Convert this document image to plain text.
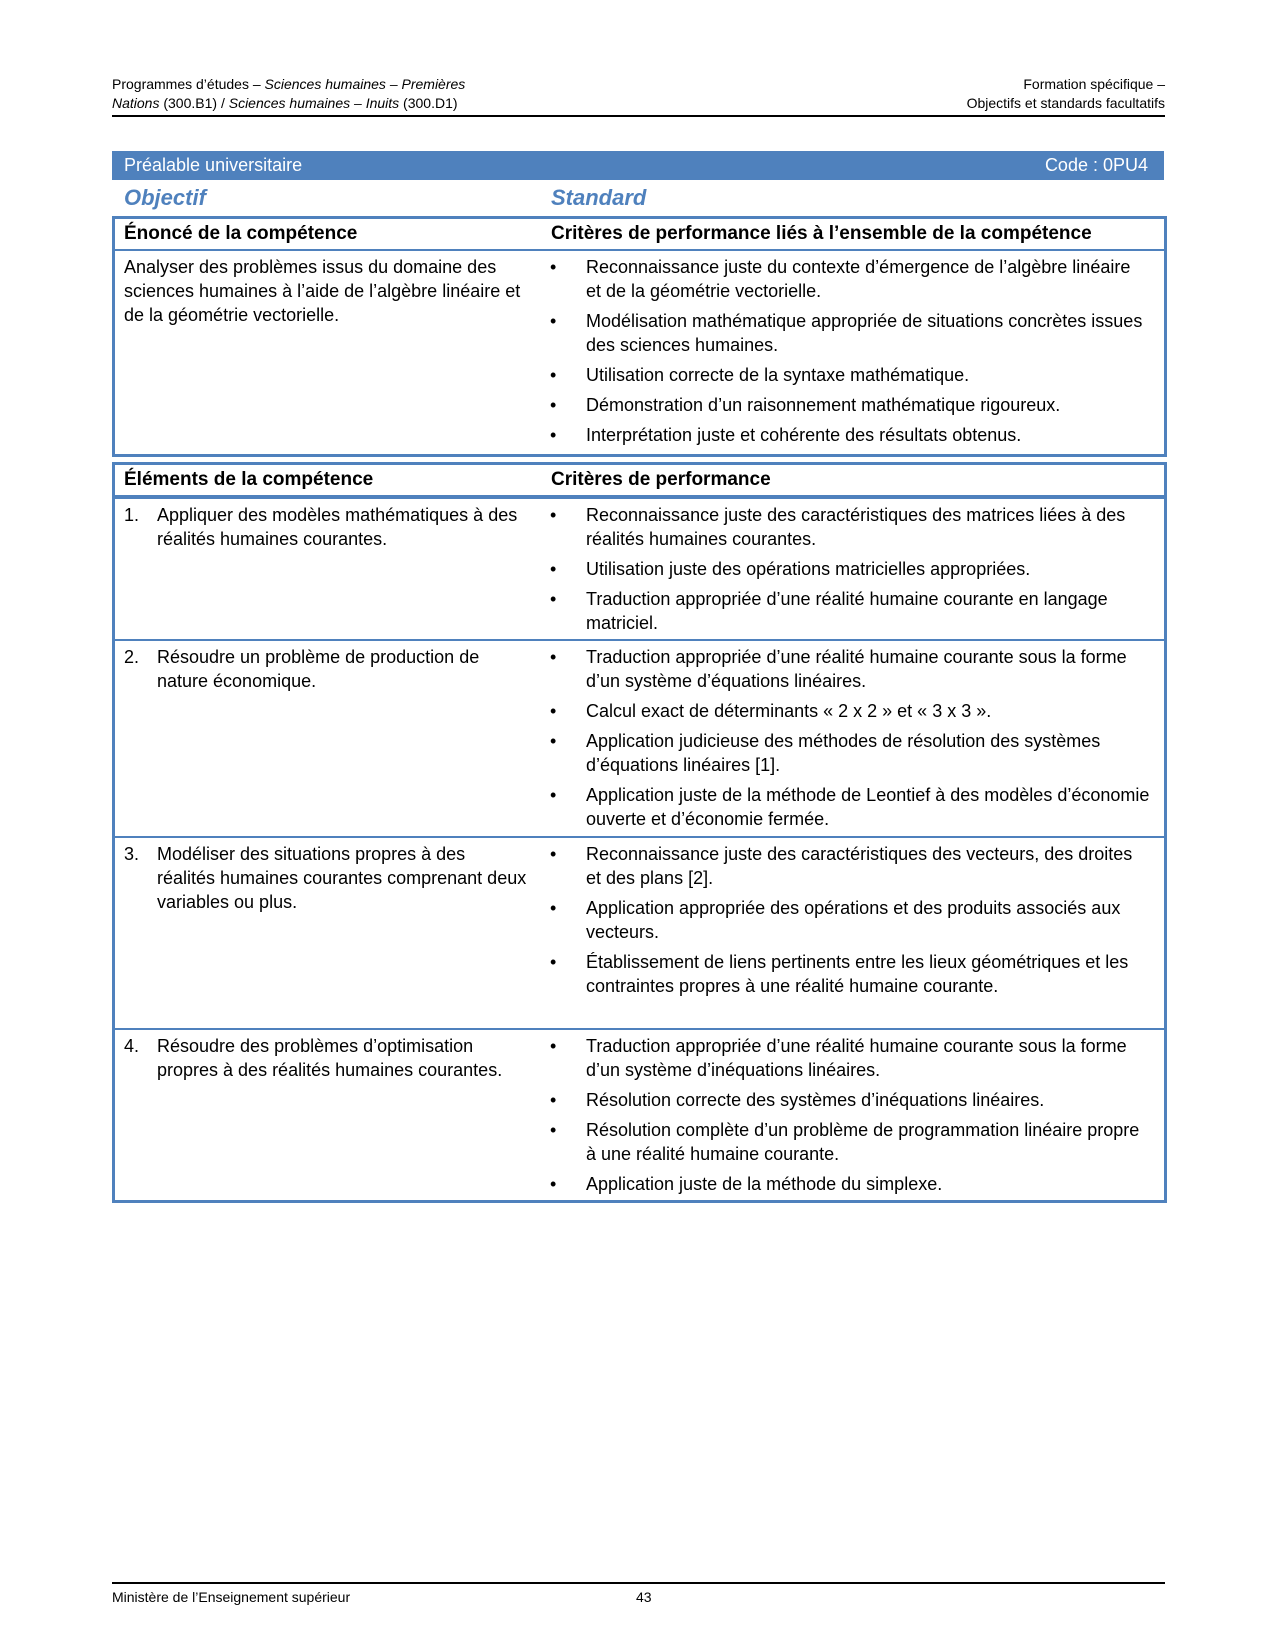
Programmes d’études – Sciences humaines – Premières
Nations (300.B1) / Sciences humaines – Inuits (300.D1)
Formation spécifique –
Objectifs et standards facultatifs
Préalable universitaire	Code : 0PU4
Objectif	Standard
Énoncé de la compétence	Critères de performance liés à l’ensemble de la compétence
Analyser des problèmes issus du domaine des sciences humaines à l’aide de l’algèbre linéaire et de la géométrie vectorielle.
•	Reconnaissance juste du contexte d’émergence de l’algèbre linéaire et de la géométrie vectorielle.
•	Modélisation mathématique appropriée de situations concrètes issues des sciences humaines.
•	Utilisation correcte de la syntaxe mathématique.
•	Démonstration d’un raisonnement mathématique rigoureux.
•	Interprétation juste et cohérente des résultats obtenus.
Éléments de la compétence	Critères de performance
1. Appliquer des modèles mathématiques à des réalités humaines courantes.
•	Reconnaissance juste des caractéristiques des matrices liées à des réalités humaines courantes.
•	Utilisation juste des opérations matricielles appropriées.
•	Traduction appropriée d’une réalité humaine courante en langage matriciel.
2. Résoudre un problème de production de nature économique.
•	Traduction appropriée d’une réalité humaine courante sous la forme d’un système d’équations linéaires.
•	Calcul exact de déterminants « 2 x 2 » et « 3 x 3 ».
•	Application judicieuse des méthodes de résolution des systèmes d’équations linéaires [1].
•	Application juste de la méthode de Leontief à des modèles d’économie ouverte et d’économie fermée.
3. Modéliser des situations propres à des réalités humaines courantes comprenant deux variables ou plus.
•	Reconnaissance juste des caractéristiques des vecteurs, des droites et des plans [2].
•	Application appropriée des opérations et des produits associés aux vecteurs.
•	Établissement de liens pertinents entre les lieux géométriques et les contraintes propres à une réalité humaine courante.
4. Résoudre des problèmes d’optimisation propres à des réalités humaines courantes.
•	Traduction appropriée d’une réalité humaine courante sous la forme d’un système d’inéquations linéaires.
•	Résolution correcte des systèmes d’inéquations linéaires.
•	Résolution complète d’un problème de programmation linéaire propre à une réalité humaine courante.
•	Application juste de la méthode du simplexe.
Ministère de l’Enseignement supérieur	43
